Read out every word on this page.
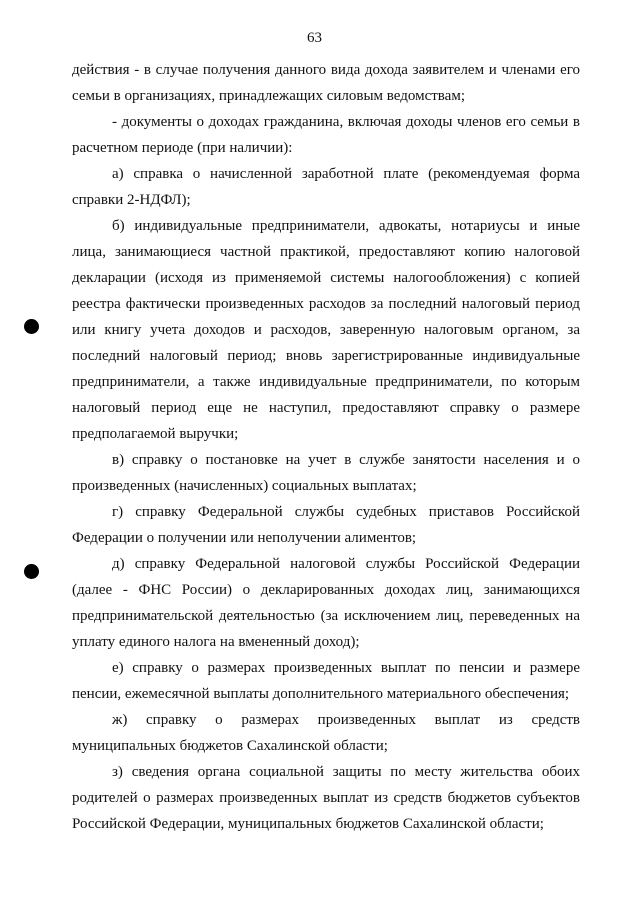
63

действия - в случае получения данного вида дохода заявителем и членами его семьи в организациях, принадлежащих силовым ведомствам;

- документы о доходах гражданина, включая доходы членов его семьи в расчетном периоде (при наличии):

а) справка о начисленной заработной плате (рекомендуемая форма справки 2-НДФЛ);

б) индивидуальные предприниматели, адвокаты, нотариусы и иные лица, занимающиеся частной практикой, предоставляют копию налоговой декларации (исходя из применяемой системы налогообложения) с копией реестра фактически произведенных расходов за последний налоговый период или книгу учета доходов и расходов, заверенную налоговым органом, за последний налоговый период; вновь зарегистрированные индивидуальные предприниматели, а также индивидуальные предприниматели, по которым налоговый период еще не наступил, предоставляют справку о размере предполагаемой выручки;

в) справку о постановке на учет в службе занятости населения и о произведенных (начисленных) социальных выплатах;

г) справку Федеральной службы судебных приставов Российской Федерации о получении или неполучении алиментов;

д) справку Федеральной налоговой службы Российской Федерации (далее - ФНС России) о декларированных доходах лиц, занимающихся предпринимательской деятельностью (за исключением лиц, переведенных на уплату единого налога на вмененный доход);

е) справку о размерах произведенных выплат по пенсии и размере пенсии, ежемесячной выплаты дополнительного материального обеспечения;

ж) справку о размерах произведенных выплат из средств муниципальных бюджетов Сахалинской области;

з) сведения органа социальной защиты по месту жительства обоих родителей о размерах произведенных выплат из средств бюджетов субъектов Российской Федерации, муниципальных бюджетов Сахалинской области;
